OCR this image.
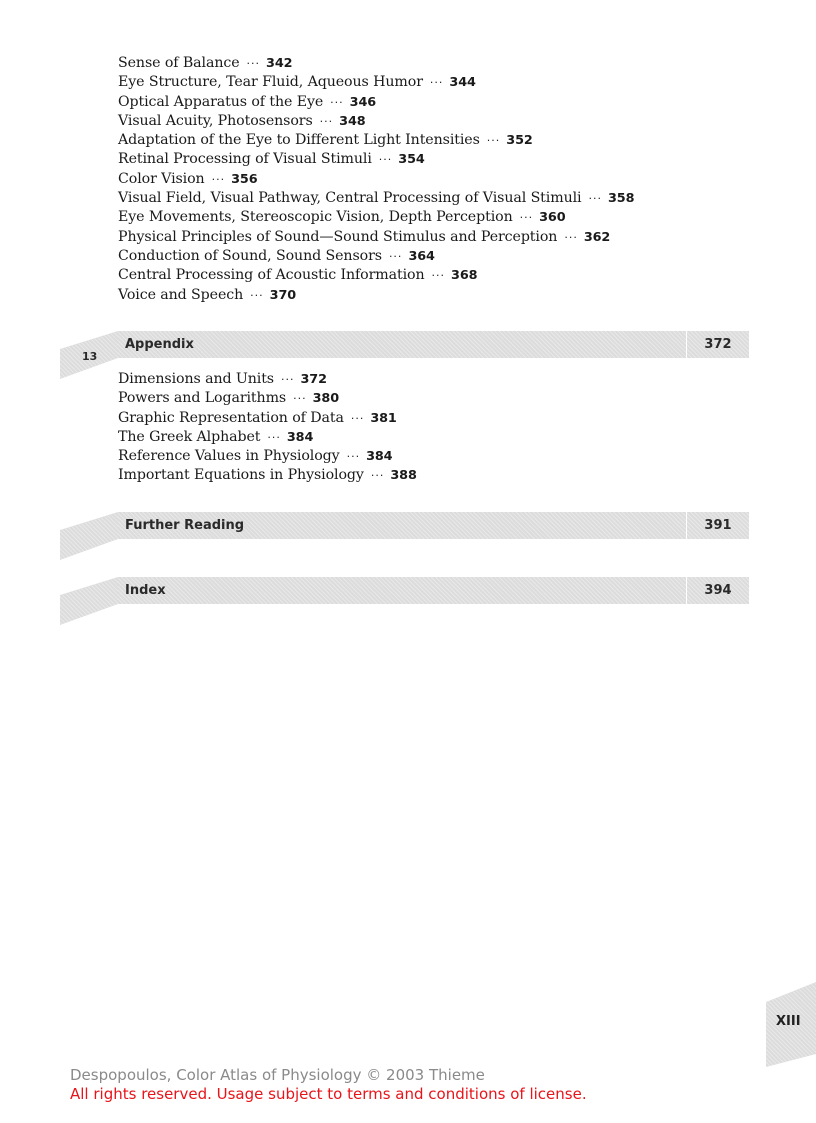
Sense of Balance ··· 342
Eye Structure, Tear Fluid, Aqueous Humor ··· 344
Optical Apparatus of the Eye ··· 346
Visual Acuity, Photosensors ··· 348
Adaptation of the Eye to Different Light Intensities ··· 352
Retinal Processing of Visual Stimuli ··· 354
Color Vision ··· 356
Visual Field, Visual Pathway, Central Processing of Visual Stimuli ··· 358
Eye Movements, Stereoscopic Vision, Depth Perception ··· 360
Physical Principles of Sound—Sound Stimulus and Perception ··· 362
Conduction of Sound, Sound Sensors ··· 364
Central Processing of Acoustic Information ··· 368
Voice and Speech ··· 370
13
Appendix	372
Dimensions and Units ··· 372
Powers and Logarithms ··· 380
Graphic Representation of Data ··· 381
The Greek Alphabet ··· 384
Reference Values in Physiology ··· 384
Important Equations in Physiology ··· 388
Further Reading	391
Index	394
XIII
Despopoulos, Color Atlas of Physiology © 2003 Thieme
All rights reserved. Usage subject to terms and conditions of license.
